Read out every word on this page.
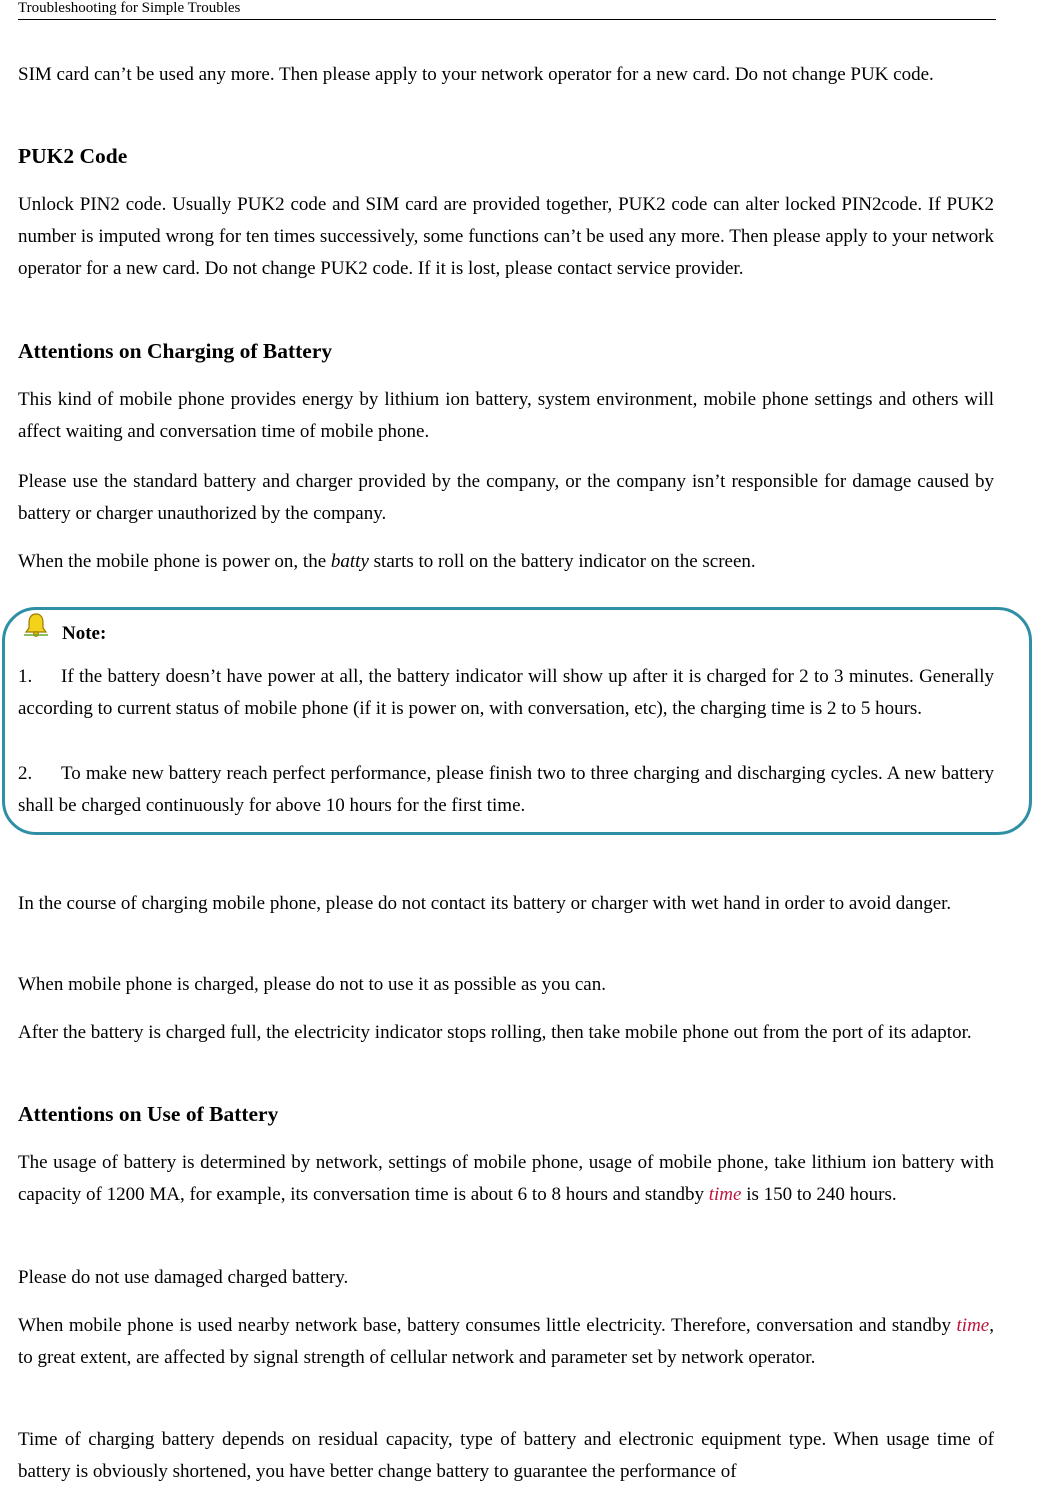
Troubleshooting for Simple Troubles

SIM card can’t be used any more. Then please apply to your network operator for a new card. Do not change PUK code.

PUK2 Code

Unlock PIN2 code. Usually PUK2 code and SIM card are provided together, PUK2 code can alter locked PIN2code. If PUK2 number is imputed wrong for ten times successively, some functions can’t be used any more. Then please apply to your network operator for a new card. Do not change PUK2 code. If it is lost, please contact service provider.

Attentions on Charging of Battery

This kind of mobile phone provides energy by lithium ion battery, system environment, mobile phone settings and others will affect waiting and conversation time of mobile phone.

Please use the standard battery and charger provided by the company, or the company isn’t responsible for damage caused by battery or charger unauthorized by the company.

When the mobile phone is power on, the batty starts to roll on the battery indicator on the screen.

Note:

1. If the battery doesn’t have power at all, the battery indicator will show up after it is charged for 2 to 3 minutes. Generally according to current status of mobile phone (if it is power on, with conversation, etc), the charging time is 2 to 5 hours.

2. To make new battery reach perfect performance, please finish two to three charging and discharging cycles. A new battery shall be charged continuously for above 10 hours for the first time.

In the course of charging mobile phone, please do not contact its battery or charger with wet hand in order to avoid danger.

When mobile phone is charged, please do not to use it as possible as you can.

After the battery is charged full, the electricity indicator stops rolling, then take mobile phone out from the port of its adaptor.

Attentions on Use of Battery

The usage of battery is determined by network, settings of mobile phone, usage of mobile phone, take lithium ion battery with capacity of 1200 MA, for example, its conversation time is about 6 to 8 hours and standby time is 150 to 240 hours.

Please do not use damaged charged battery.

When mobile phone is used nearby network base, battery consumes little electricity. Therefore, conversation and standby time, to great extent, are affected by signal strength of cellular network and parameter set by network operator.

Time of charging battery depends on residual capacity, type of battery and electronic equipment type. When usage time of battery is obviously shortened, you have better change battery to guarantee the performance of
